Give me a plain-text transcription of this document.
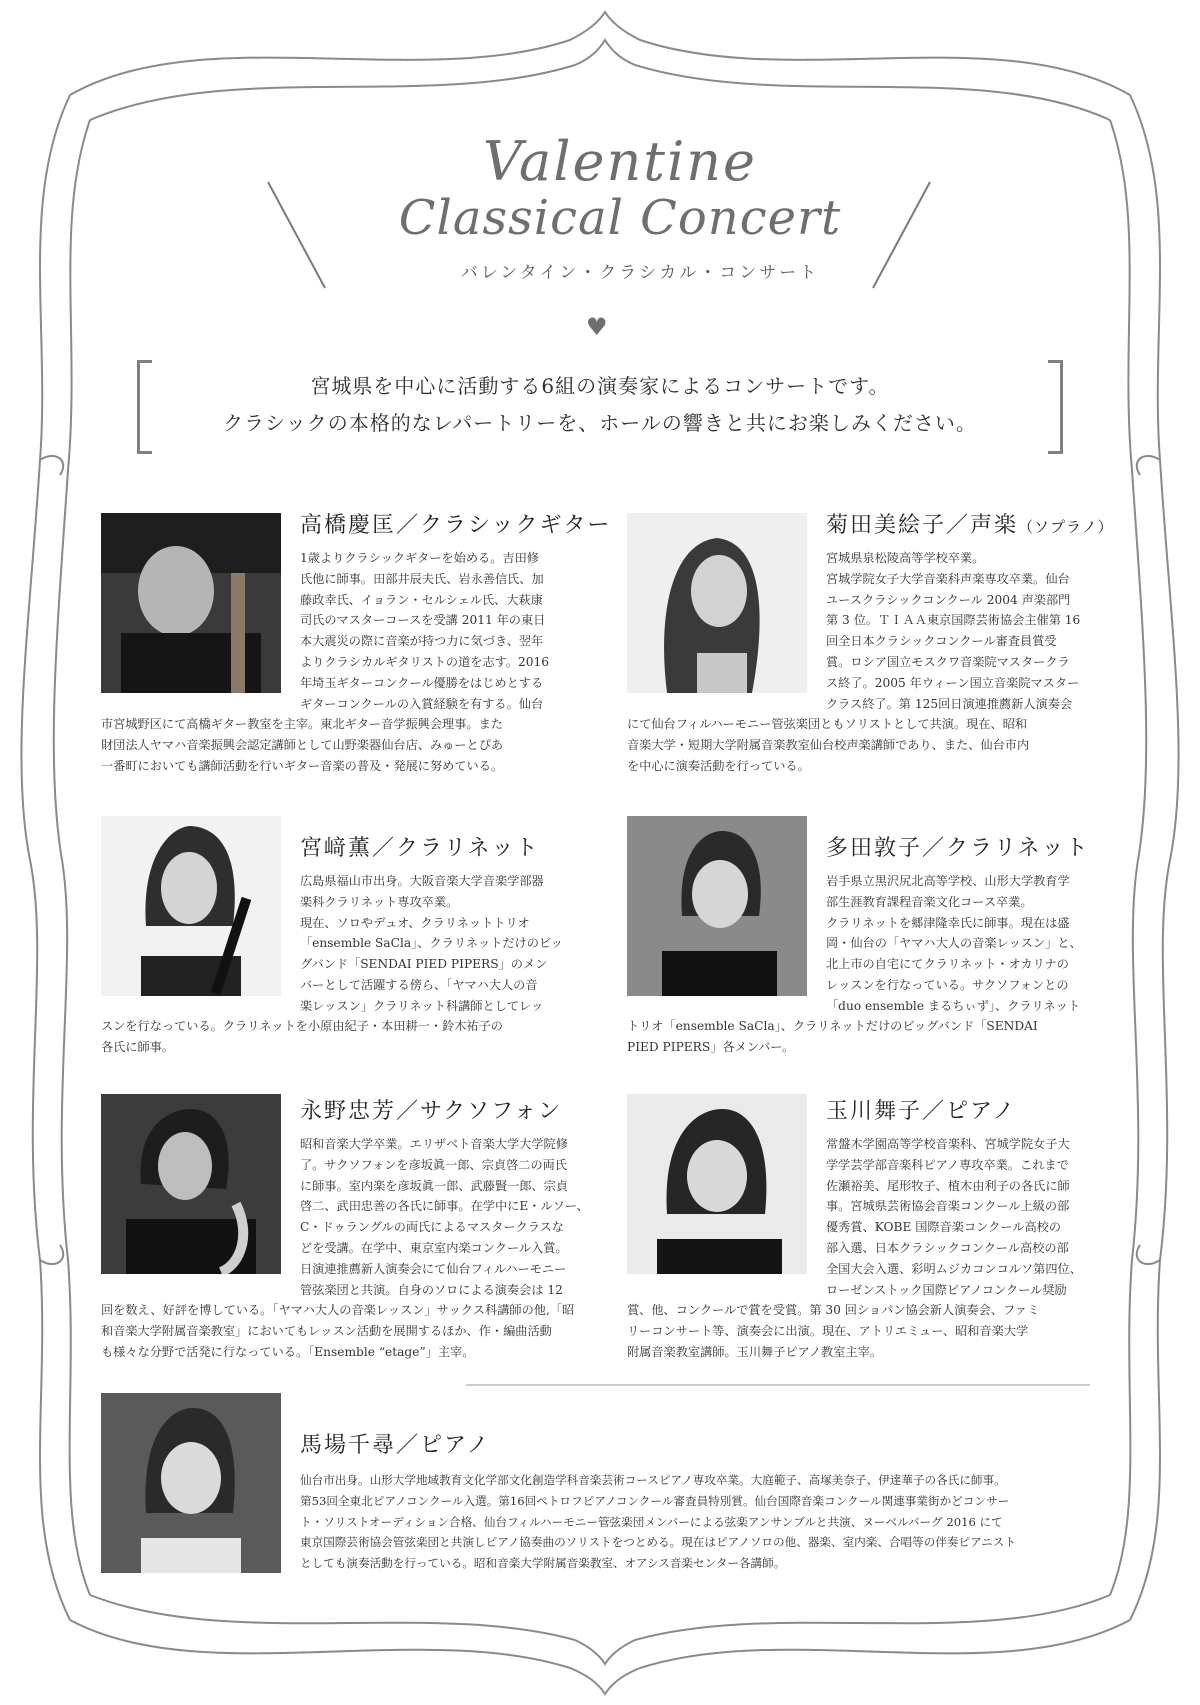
Valentine
Classical Concert
バレンタイン・クラシカル・コンサート
♥
宮城県を中心に活動する6組の演奏家によるコンサートです。
クラシックの本格的なレパートリーを、ホールの響きと共にお楽しみください。
高橋慶匡／クラシックギター
1歳よりクラシックギターを始める。吉田修
氏他に師事。田部井辰夫氏、岩永善信氏、加
藤政幸氏、イョラン・セルシェル氏、大萩康
司氏のマスターコースを受講 2011 年の東日
本大震災の際に音楽が持つ力に気づき、翌年
よりクラシカルギタリストの道を志す。2016
年埼玉ギターコンクール優勝をはじめとする
ギターコンクールの入賞経験を有する。仙台
市宮城野区にて高橋ギター教室を主宰。東北ギター音学振興会理事。また
財団法人ヤマハ音楽振興会認定講師として山野楽器仙台店、みゅーとぴあ
一番町においても講師活動を行いギター音楽の普及・発展に努めている。
菊田美絵子／声楽（ソプラノ）
宮城県泉松陵高等学校卒業。
宮城学院女子大学音楽科声楽専攻卒業。仙台
ユースクラシックコンクール 2004 声楽部門
第 3 位。ＴＩＡＡ東京国際芸術協会主催第 16
回全日本クラシックコンクール審査員賞受
賞。ロシア国立モスクワ音楽院マスタークラ
ス終了。2005 年ウィーン国立音楽院マスター
クラス終了。第 125回日演連推薦新人演奏会
にて仙台フィルハーモニー管弦楽団ともソリストとして共演。現在、昭和
音楽大学・短期大学附属音楽教室仙台校声楽講師であり、また、仙台市内
を中心に演奏活動を行っている。
宮﨑薫／クラリネット
広島県福山市出身。大阪音楽大学音楽学部器
楽科クラリネット専攻卒業。
現在、ソロやデュオ、クラリネットトリオ
「ensemble SaCla」、クラリネットだけのビッ
グバンド「SENDAI PIED PIPERS」のメン
バーとして活躍する傍ら、「ヤマハ大人の音
楽レッスン」クラリネット科講師としてレッ
スンを行なっている。クラリネットを小原由紀子・本田耕一・鈴木祐子の
各氏に師事。
多田敦子／クラリネット
岩手県立黒沢尻北高等学校、山形大学教育学
部生涯教育課程音楽文化コース卒業。
クラリネットを郷津隆幸氏に師事。現在は盛
岡・仙台の「ヤマハ大人の音楽レッスン」と、
北上市の自宅にてクラリネット・オカリナの
レッスンを行なっている。サクソフォンとの
「duo ensemble まるちぃず」、クラリネット
トリオ「ensemble SaCla」、クラリネットだけのビッグバンド「SENDAI
PIED PIPERS」各メンバー。
永野忠芳／サクソフォン
昭和音楽大学卒業。エリザベト音楽大学大学院修
了。サクソフォンを彦坂眞一郎、宗貞啓二の両氏
に師事。室内楽を彦坂眞一郎、武藤賢一郎、宗貞
啓二、武田忠善の各氏に師事。在学中にE・ルソー、
C・ドゥラングルの両氏によるマスタークラスな
どを受講。在学中、東京室内楽コンクール入賞。
日演連推薦新人演奏会にて仙台フィルハーモニー
管弦楽団と共演。自身のソロによる演奏会は 12
回を数え、好評を博している。「ヤマハ大人の音楽レッスン」サックス科講師の他,「昭
和音楽大学附属音楽教室」においてもレッスン活動を展開するほか、作・編曲活動
も様々な分野で活発に行なっている。「Ensemble “etage”」主宰。
玉川舞子／ピアノ
常盤木学園高等学校音楽科、宮城学院女子大
学学芸学部音楽科ピアノ専攻卒業。これまで
佐瀬裕美、尾形牧子、植木由利子の各氏に師
事。宮城県芸術協会音楽コンクール上級の部
優秀賞、KOBE 国際音楽コンクール高校の
部入選、日本クラシックコンクール高校の部
全国大会入選、彩明ムジカコンコルソ第四位、
ローゼンストック国際ピアノコンクール奨励
賞、他、コンクールで賞を受賞。第 30 回ショパン協会新人演奏会、ファミ
リーコンサート等、演奏会に出演。現在、アトリエミュー、昭和音楽大学
附属音楽教室講師。玉川舞子ピアノ教室主宰。
馬場千尋／ピアノ
仙台市出身。山形大学地域教育文化学部文化創造学科音楽芸術コースピアノ専攻卒業。大庭範子、高塚美奈子、伊達華子の各氏に師事。
第53回全東北ピアノコンクール入選。第16回ペトロフピアノコンクール審査員特別賞。仙台国際音楽コンクール関連事業街かどコンサー
ト・ソリストオーディション合格、仙台フィルハーモニー管弦楽団メンバーによる弦楽アンサンブルと共演、ヌーベルバーグ 2016 にて
東京国際芸術協会管弦楽団と共演しピアノ協奏曲のソリストをつとめる。現在はピアノソロの他、器楽、室内楽、合唱等の伴奏ピアニスト
としても演奏活動を行っている。昭和音楽大学附属音楽教室、オアシス音楽センター各講師。
